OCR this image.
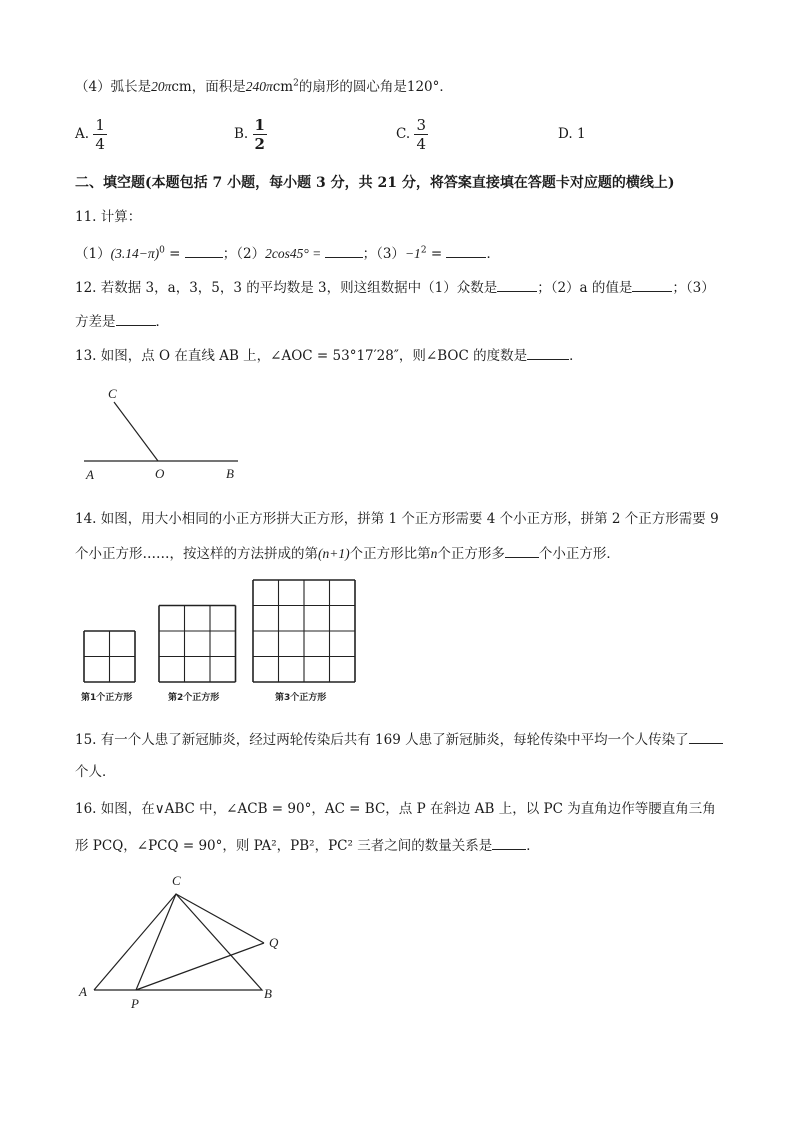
（4）弧长是20πcm，面积是240πcm$^2$的扇形的圆心角是120°．
A. $\frac{1}{4}$	B. $\frac{1}{2}$	C. $\frac{3}{4}$	D. 1
二、填空题(本题包括 7 小题，每小题 3 分，共 21 分，将答案直接填在答题卡对应题的横线上)
11. 计算：
$(1)(3.14-\pi)^0$ =	；（2）2cos45° =	；$(3)-1^2$ =	．
12. 若数据 3，a，3，5，3 的平均数是 3，则这组数据中（1）众数是	；（2）a 的值是	；（3）
方差是	．
13. 如图，点 O 在直线 AB 上，∠AOC = 53°17′28″，则∠BOC 的度数是	．
C
A	O	B
14. 如图，用大小相同的小正方形拼大正方形，拼第 1 个正方形需要 4 个小正方形，拼第 2 个正方形需要 9
个小正方形……，按这样的方法拼成的第(n+1)个正方形比第n个正方形多	个小正方形．
第1个正方形	第2个正方形	第3个正方形
15. 有一个人患了新冠肺炎，经过两轮传染后共有 169 人患了新冠肺炎，每轮传染中平均一个人传染了
个人．
16. 如图，在∨ABC 中，∠ACB = 90°，AC = BC，点 P 在斜边 AB 上，以 PC 为直角边作等腰直角三角
形 PCQ，∠PCQ = 90°，则 PA²，PB²，PC² 三者之间的数量关系是	．
C
Q
A
P
B
